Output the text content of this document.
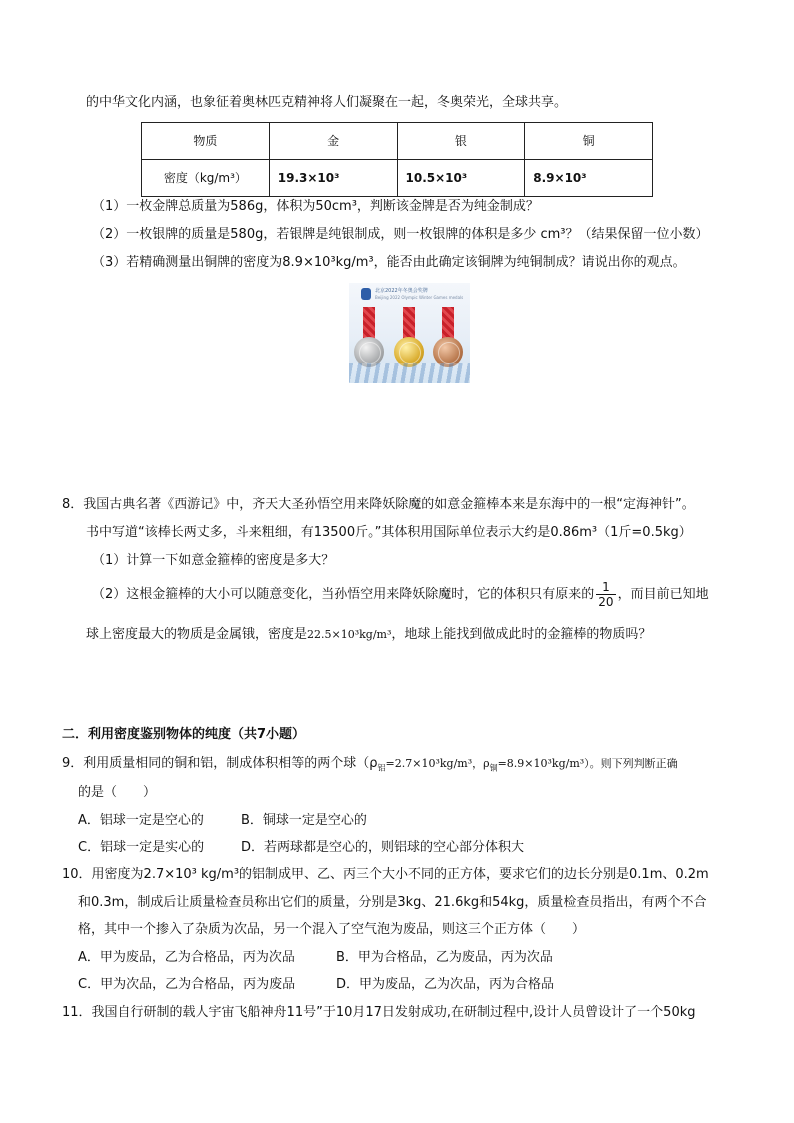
的中华文化内涵，也象征着奥林匹克精神将人们凝聚在一起，冬奥荣光，全球共享。
物质	金	银	铜
密度（kg/m³）	19.3×10³	10.5×10³	8.9×10³
（1）一枚金牌总质量为586g，体积为50cm³，判断该金牌是否为纯金制成？
（2）一枚银牌的质量是580g，若银牌是纯银制成，则一枚银牌的体积是多少 cm³？（结果保留一位小数）
（3）若精确测量出铜牌的密度为8.9×10³kg/m³，能否由此确定该铜牌为纯铜制成？请说出你的观点。
北京2022年冬奥会奖牌
Beijing 2022 Olympic Winter Games medals
8．我国古典名著《西游记》中，齐天大圣孙悟空用来降妖除魔的如意金箍棒本来是东海中的一根“定海神针”。
书中写道“该棒长两丈多，斗来粗细，有13500斤。”其体积用国际单位表示大约是0.86m³（1斤=0.5kg）
（1）计算一下如意金箍棒的密度是多大？
（2）这根金箍棒的大小可以随意变化，当孙悟空用来降妖除魔时，它的体积只有原来的 $\frac{1}{20}$ ，而目前已知地
球上密度最大的物质是金属锇，密度是22.5×10³kg/m³，地球上能找到做成此时的金箍棒的物质吗？
二．利用密度鉴别物体的纯度（共7小题）
9．利用质量相同的铜和铝，制成体积相等的两个球（$\rho_铝=2.7\times 10^3kg/m^3$，$\rho_铜=8.9\times 10^3kg/m^3$）。则下列判断正确
的是（　　）
A．铝球一定是空心的	B．铜球一定是空心的
C．铝球一定是实心的	D．若两球都是空心的，则铝球的空心部分体积大
10．用密度为2.7×10³ kg/m³的铝制成甲、乙、丙三个大小不同的正方体，要求它们的边长分别是0.1m、0.2m
和0.3m，制成后让质量检查员称出它们的质量，分别是3kg、21.6kg和54kg，质量检查员指出，有两个不合
格，其中一个掺入了杂质为次品，另一个混入了空气泡为废品，则这三个正方体（　　）
A．甲为废品，乙为合格品，丙为次品	B．甲为合格品，乙为废品，丙为次品
C．甲为次品，乙为合格品，丙为废品	D．甲为废品，乙为次品，丙为合格品
11．我国自行研制的载人宇宙飞船神舟11号”于10月17日发射成功,在研制过程中,设计人员曾设计了一个50kg
